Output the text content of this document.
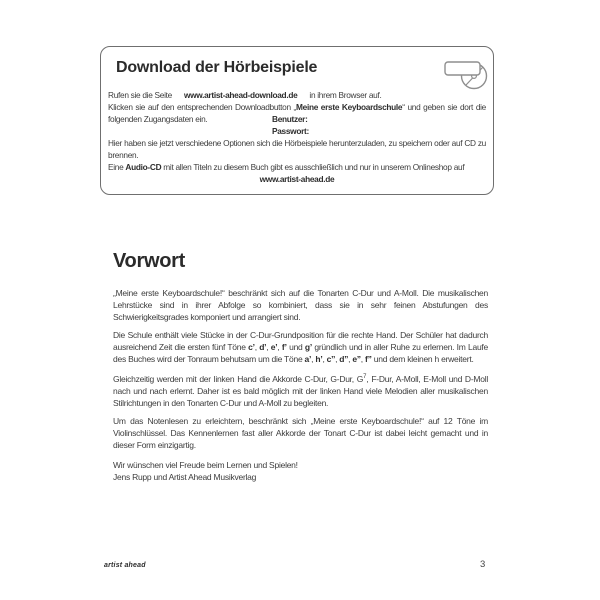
Download der Hörbeispiele
Rufen sie die Seite www.artist-ahead-download.de in ihrem Browser auf.
Klicken sie auf den entsprechenden Downloadbutton „Meine erste Keyboardschule“ und geben sie dort die folgenden Zugangsdaten ein.	Benutzer:
Passwort:
Hier haben sie jetzt verschiedene Optionen sich die Hörbeispiele herunterzuladen, zu speichern oder auf CD zu brennen.
Eine Audio-CD mit allen Titeln zu diesem Buch gibt es ausschließlich und nur in unserem Onlineshop auf
www.artist-ahead.de
Vorwort

„Meine erste Keyboardschule!“ beschränkt sich auf die Tonarten C-Dur und A-Moll. Die musikalischen Lehrstücke sind in ihrer Abfolge so kombiniert, dass sie in sehr feinen Abstufungen des Schwierigkeitsgrades komponiert und arrangiert sind.

Die Schule enthält viele Stücke in der C-Dur-Grundposition für die rechte Hand. Der Schüler hat dadurch ausreichend Zeit die ersten fünf Töne c’, d’, e’, f’ und g’ gründlich und in aller Ruhe zu erlernen. Im Laufe des Buches wird der Tonraum behutsam um die Töne a’, h’, c’’, d’’, e’’, f’’ und dem kleinen h erweitert.

Gleichzeitig werden mit der linken Hand die Akkorde C-Dur, G-Dur, $G^7$, F-Dur, A-Moll, E-Moll und D-Moll nach und nach erlernt. Daher ist es bald möglich mit der linken Hand viele Melodien aller musikalischen Stilrichtungen in den Tonarten C-Dur und A-Moll zu begleiten.

Um das Notenlesen zu erleichtern, beschränkt sich „Meine erste Keyboardschule!“ auf 12 Töne im Violinschlüssel. Das Kennenlernen fast aller Akkorde der Tonart C-Dur ist dabei leicht gemacht und in dieser Form einzigartig.

Wir wünschen viel Freude beim Lernen und Spielen!
Jens Rupp und Artist Ahead Musikverlag
artist ahead	3
